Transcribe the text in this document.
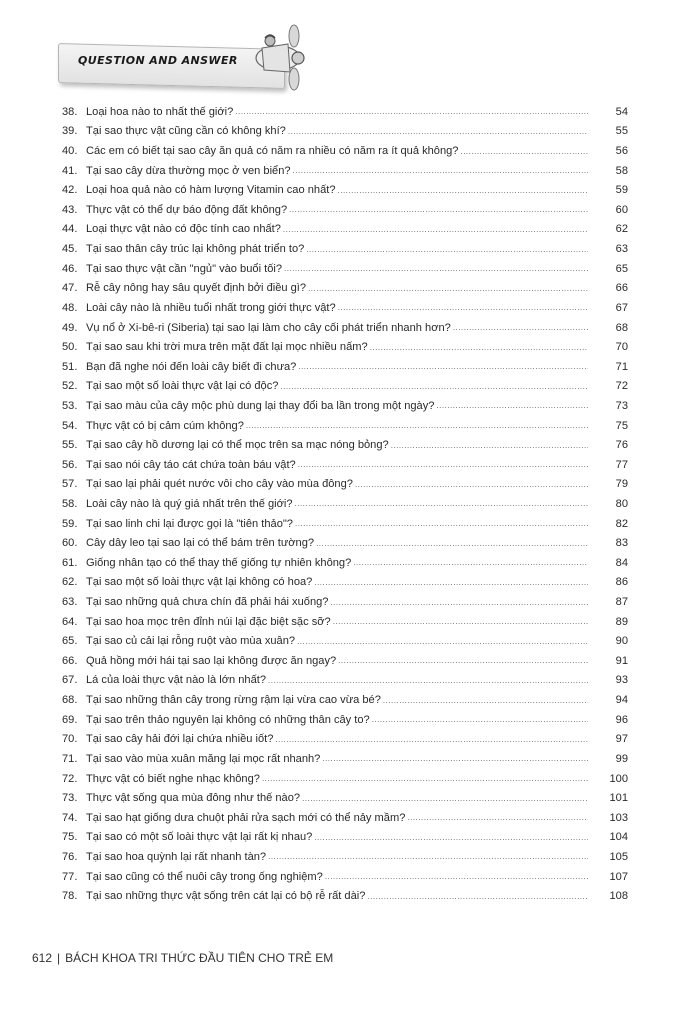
QUESTION AND ANSWER
38. Loại hoa nào to nhất thế giới? .....	54
39. Tại sao thực vật cũng cần có không khí? .....	55
40. Các em có biết tại sao cây ăn quả có năm ra nhiều có năm ra ít quả không? .....	56
41. Tại sao cây dừa thường mọc ở ven biển? .....	58
42. Loại hoa quả nào có hàm lượng Vitamin cao nhất? .....	59
43. Thực vật có thể dự báo động đất không? .....	60
44. Loại thực vật nào có độc tính cao nhất? .....	62
45. Tại sao thân cây trúc lại không phát triển to? .....	63
46. Tại sao thực vật cần "ngủ" vào buổi tối? .....	65
47. Rễ cây nông hay sâu quyết định bởi điều gì? .....	66
48. Loài cây nào là nhiều tuổi nhất trong giới thực vật? .....	67
49. Vụ nổ ở Xi-bê-ri (Siberia) tại sao lại làm cho cây cối phát triển nhanh hơn? .....	68
50. Tại sao sau khi trời mưa trên mặt đất lại mọc nhiều nấm? .....	70
51. Bạn đã nghe nói đến loài cây biết đi chưa? .....	71
52. Tại sao một số loài thực vật lại có độc? .....	72
53. Tại sao màu của cây mộc phù dung lại thay đổi ba lần trong một ngày? .....	73
54. Thực vật có bị cảm cúm không? .....	75
55. Tại sao cây hồ dương lại có thể mọc trên sa mạc nóng bỏng? .....	76
56. Tại sao nói cây táo cát chứa toàn báu vật? .....	77
57. Tại sao lại phải quét nước vôi cho cây vào mùa đông? .....	79
58. Loài cây nào là quý giá nhất trên thế giới? .....	80
59. Tại sao linh chi lại được gọi là "tiên thảo"? .....	82
60. Cây dây leo tại sao lại có thể bám trên tường? .....	83
61. Giống nhân tạo có thể thay thế giống tự nhiên không? .....	84
62. Tại sao một số loài thực vật lại không có hoa? .....	86
63. Tại sao những quả chưa chín đã phải hái xuống? .....	87
64. Tại sao hoa mọc trên đỉnh núi lại đặc biệt sặc sỡ? .....	89
65. Tại sao củ cải lại rỗng ruột vào mùa xuân? .....	90
66. Quả hồng mới hái tại sao lại không được ăn ngay? .....	91
67. Lá của loài thực vật nào là lớn nhất? .....	93
68. Tại sao những thân cây trong rừng rậm lại vừa cao vừa bé? .....	94
69. Tại sao trên thảo nguyên lại không có những thân cây to? .....	96
70. Tại sao cây hải đới lại chứa nhiều iốt? .....	97
71. Tại sao vào mùa xuân măng lại mọc rất nhanh? .....	99
72. Thực vật có biết nghe nhạc không? .....	100
73. Thực vật sống qua mùa đông như thế nào? .....	101
74. Tại sao hạt giống dưa chuột phải rửa sạch mới có thể nảy mầm? .....	103
75. Tại sao có một số loài thực vật lại rất kị nhau? .....	104
76. Tại sao hoa quỳnh lại rất nhanh tàn? .....	105
77. Tại sao cũng có thể nuôi cây trong ống nghiệm? .....	107
78. Tại sao những thực vật sống trên cát lại có bộ rễ rất dài? .....	108
612 | BÁCH KHOA TRI THỨC ĐẦU TIÊN CHO TRẺ EM
